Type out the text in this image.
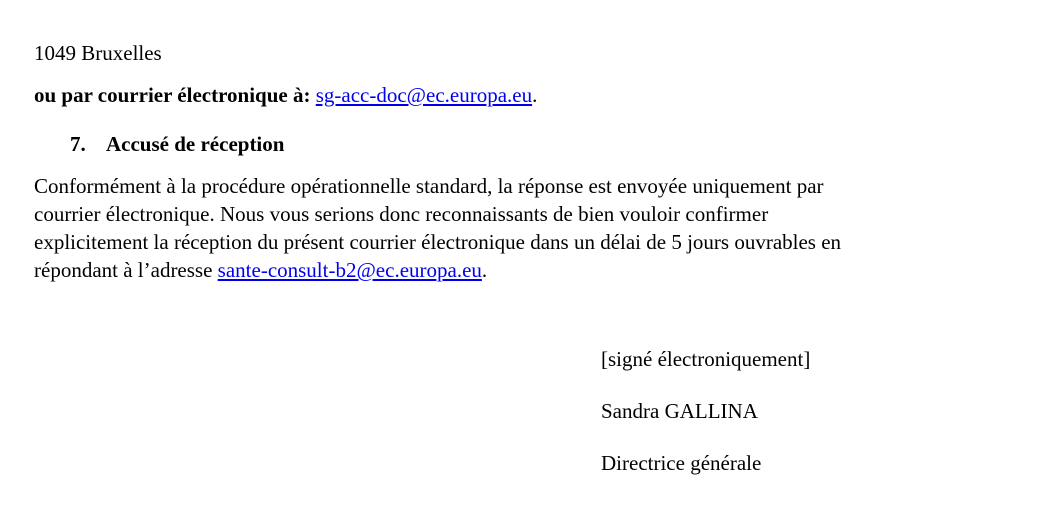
1049 Bruxelles
ou par courrier électronique à: sg-acc-doc@ec.europa.eu.
7. Accusé de réception
Conformément à la procédure opérationnelle standard, la réponse est envoyée uniquement par
courrier électronique. Nous vous serions donc reconnaissants de bien vouloir confirmer
explicitement la réception du présent courrier électronique dans un délai de 5 jours ouvrables en
répondant à l’adresse sante-consult-b2@ec.europa.eu.
[signé électroniquement]
Sandra GALLINA
Directrice générale
